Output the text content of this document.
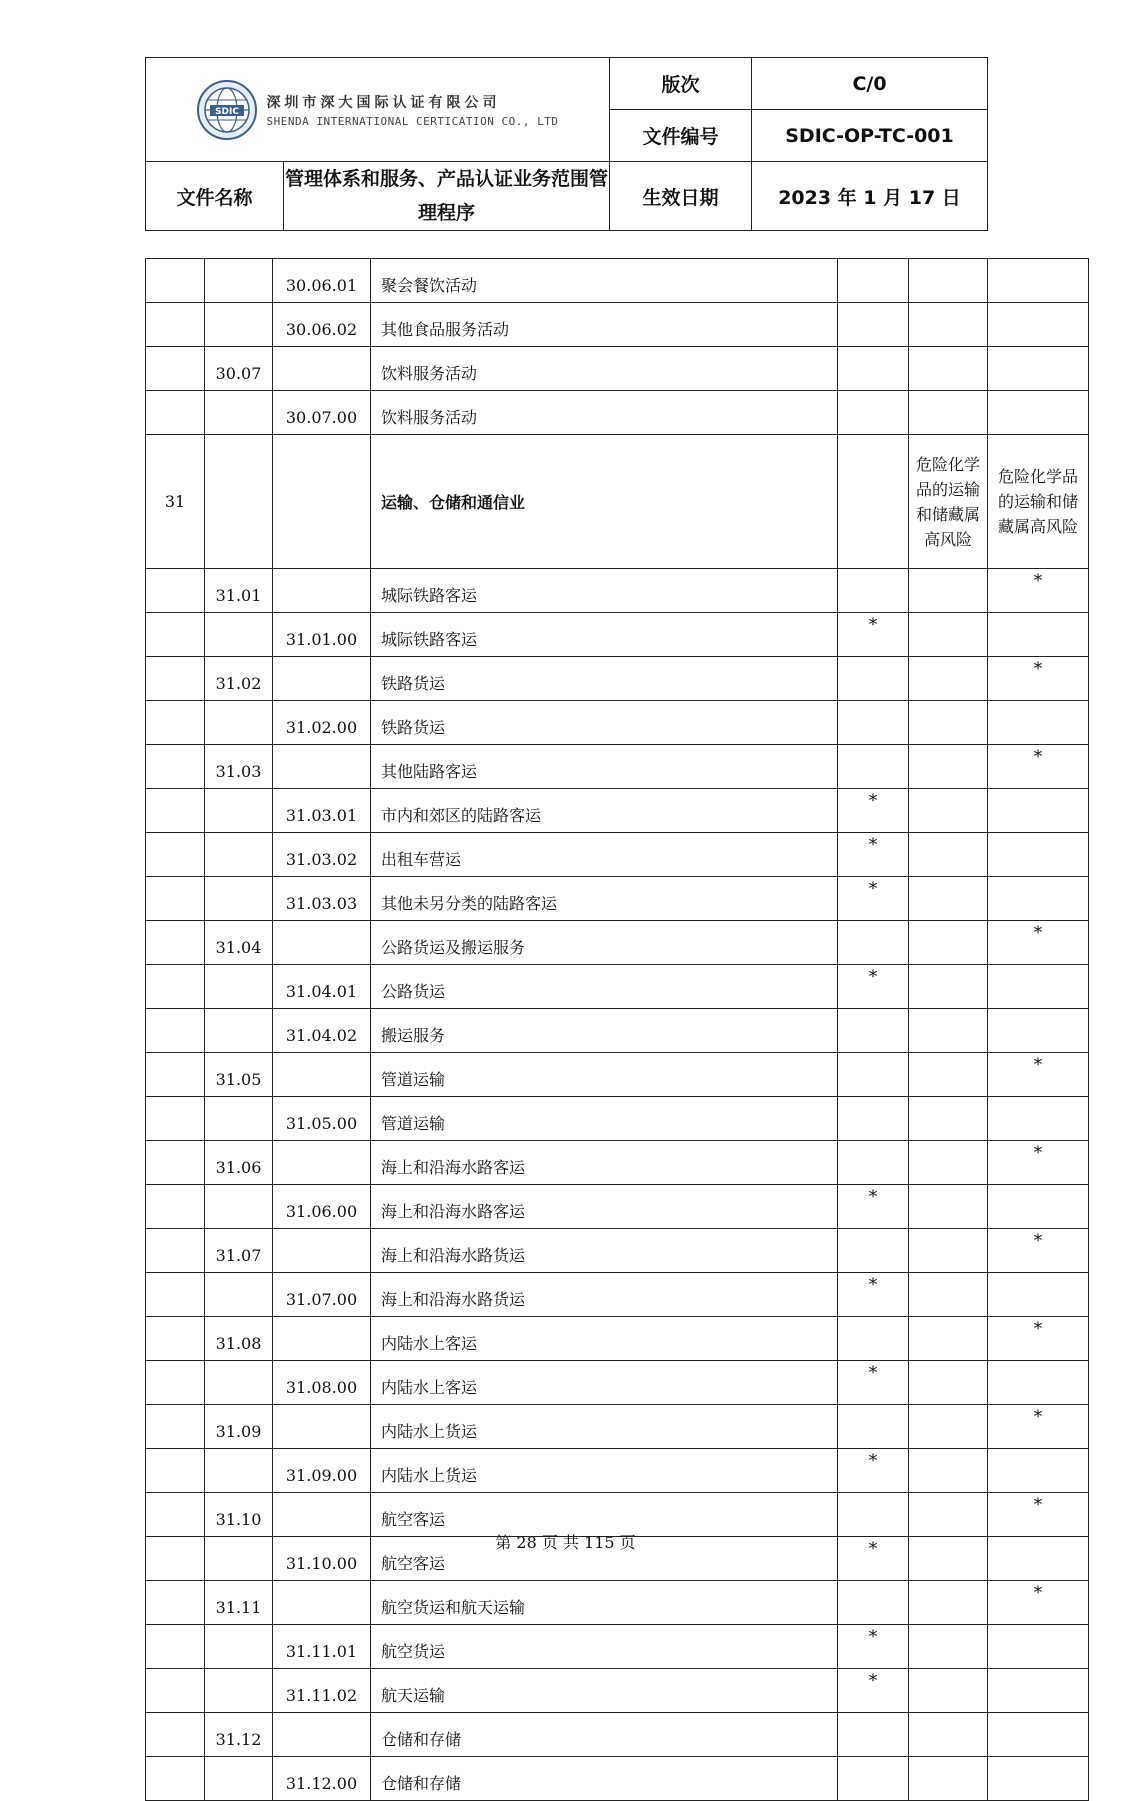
SDIC
深圳市深大国际认证有限公司
SHENDA INTERNATIONAL CERTICATION CO., LTD		版次	C/0
		文件编号	SDIC-OP-TC-001
文件名称	管理体系和服务、产品认证业务范围管理程序	生效日期	2023 年 1 月 17 日
		30.06.01	聚会餐饮活动			
		30.06.02	其他食品服务活动			
	30.07		饮料服务活动			
		30.07.00	饮料服务活动			
31			运输、仓储和通信业		危险化学品的运输和储藏属高风险	危险化学品的运输和储藏属高风险
	31.01		城际铁路客运			*
		31.01.00	城际铁路客运	*		
	31.02		铁路货运			*
		31.02.00	铁路货运			
	31.03		其他陆路客运			*
		31.03.01	市内和郊区的陆路客运	*		
		31.03.02	出租车营运	*		
		31.03.03	其他未另分类的陆路客运	*		
	31.04		公路货运及搬运服务			*
		31.04.01	公路货运	*		
		31.04.02	搬运服务			
	31.05		管道运输			*
		31.05.00	管道运输			
	31.06		海上和沿海水路客运			*
		31.06.00	海上和沿海水路客运	*		
	31.07		海上和沿海水路货运			*
		31.07.00	海上和沿海水路货运	*		
	31.08		内陆水上客运			*
		31.08.00	内陆水上客运	*		
	31.09		内陆水上货运			*
		31.09.00	内陆水上货运	*		
	31.10		航空客运			*
		31.10.00	航空客运	*		
	31.11		航空货运和航天运输			*
		31.11.01	航空货运	*		
		31.11.02	航天运输	*		
	31.12		仓储和存储			
		31.12.00	仓储和存储			
第 28 页 共 115 页
